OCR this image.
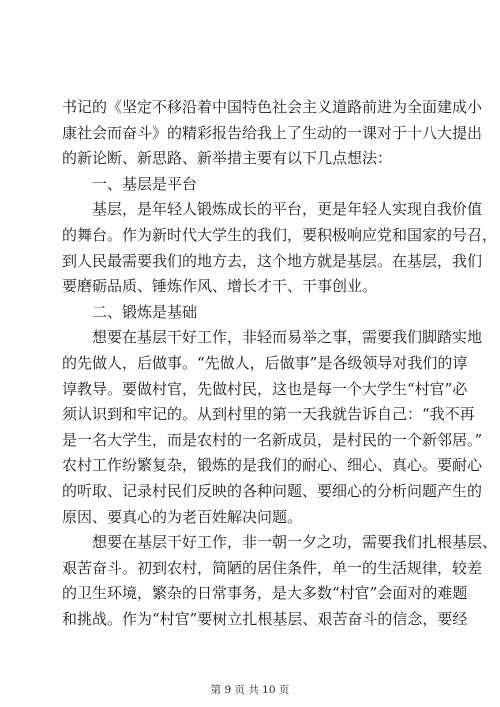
书记的《坚定不移沿着中国特色社会主义道路前进为全面建成小
康社会而奋斗》的精彩报告给我上了生动的一课对于十八大提出
的新论断、新思路、新举措主要有以下几点想法：
　　一、基层是平台
　　基层，是年轻人锻炼成长的平台，更是年轻人实现自我价值
的舞台。作为新时代大学生的我们，要积极响应党和国家的号召，
到人民最需要我们的地方去，这个地方就是基层。在基层，我们
要磨砺品质、锤炼作风、增长才干、干事创业。
　　二、锻炼是基础
　　想要在基层干好工作，非轻而易举之事，需要我们脚踏实地
的先做人，后做事。“先做人，后做事”是各级领导对我们的谆
谆教导。要做村官，先做村民，这也是每一个大学生“村官”必
须认识到和牢记的。从到村里的第一天我就告诉自己：“我不再
是一名大学生，而是农村的一名新成员，是村民的一个新邻居。”
农村工作纷繁复杂，锻炼的是我们的耐心、细心、真心。要耐心
的听取、记录村民们反映的各种问题、要细心的分析问题产生的
原因、要真心的为老百姓解决问题。
　　想要在基层干好工作，非一朝一夕之功，需要我们扎根基层、
艰苦奋斗。初到农村，简陋的居住条件，单一的生活规律，较差
的卫生环境，繁杂的日常事务，是大多数“村官”会面对的难题
和挑战。作为“村官”要树立扎根基层、艰苦奋斗的信念，要经
第 9 页 共 10 页
